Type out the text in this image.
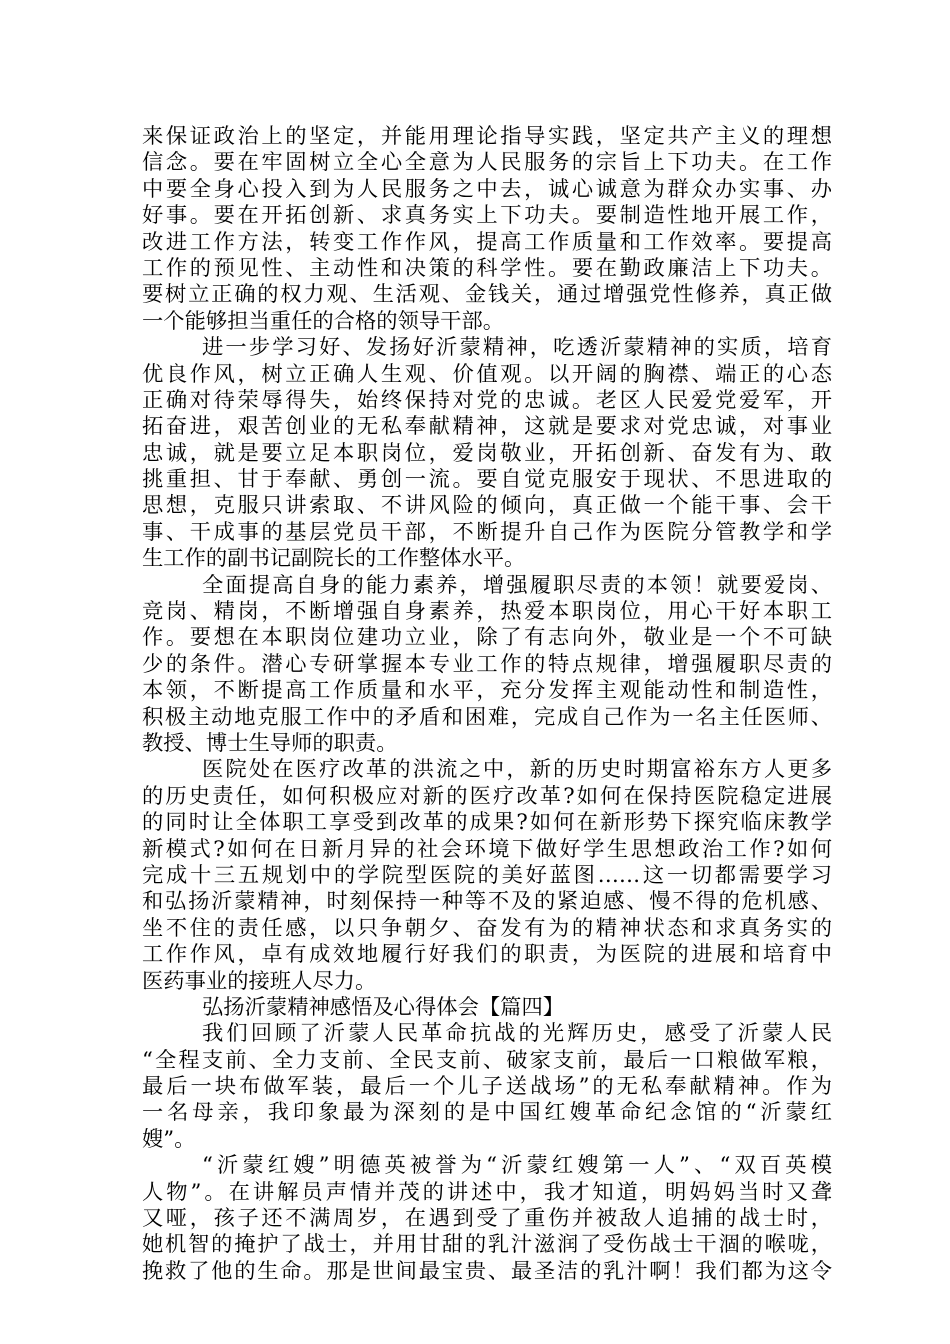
来保证政治上的坚定，并能用理论指导实践，坚定共产主义的理想
信念。要在牢固树立全心全意为人民服务的宗旨上下功夫。在工作
中要全身心投入到为人民服务之中去，诚心诚意为群众办实事、办
好事。要在开拓创新、求真务实上下功夫。要制造性地开展工作，
改进工作方法，转变工作作风，提高工作质量和工作效率。要提高
工作的预见性、主动性和决策的科学性。要在勤政廉洁上下功夫。
要树立正确的权力观、生活观、金钱关，通过增强党性修养，真正做
一个能够担当重任的合格的领导干部。
进一步学习好、发扬好沂蒙精神，吃透沂蒙精神的实质，培育
优良作风，树立正确人生观、价值观。以开阔的胸襟、端正的心态
正确对待荣辱得失，始终保持对党的忠诚。老区人民爱党爱军，开
拓奋进，艰苦创业的无私奉献精神，这就是要求对党忠诚，对事业
忠诚，就是要立足本职岗位，爱岗敬业，开拓创新、奋发有为、敢
挑重担、甘于奉献、勇创一流。要自觉克服安于现状、不思进取的
思想，克服只讲索取、不讲风险的倾向，真正做一个能干事、会干
事、干成事的基层党员干部，不断提升自己作为医院分管教学和学
生工作的副书记副院长的工作整体水平。
全面提高自身的能力素养，增强履职尽责的本领！就要爱岗、
竞岗、精岗，不断增强自身素养，热爱本职岗位，用心干好本职工
作。要想在本职岗位建功立业，除了有志向外，敬业是一个不可缺
少的条件。潜心专研掌握本专业工作的特点规律，增强履职尽责的
本领，不断提高工作质量和水平，充分发挥主观能动性和制造性，
积极主动地克服工作中的矛盾和困难，完成自己作为一名主任医师、
教授、博士生导师的职责。
医院处在医疗改革的洪流之中，新的历史时期富裕东方人更多
的历史责任，如何积极应对新的医疗改革?如何在保持医院稳定进展
的同时让全体职工享受到改革的成果?如何在新形势下探究临床教学
新模式?如何在日新月异的社会环境下做好学生思想政治工作?如何
完成十三五规划中的学院型医院的美好蓝图……这一切都需要学习
和弘扬沂蒙精神，时刻保持一种等不及的紧迫感、慢不得的危机感、
坐不住的责任感，以只争朝夕、奋发有为的精神状态和求真务实的
工作作风，卓有成效地履行好我们的职责，为医院的进展和培育中
医药事业的接班人尽力。
弘扬沂蒙精神感悟及心得体会【篇四】
我们回顾了沂蒙人民革命抗战的光辉历史，感受了沂蒙人民
“全程支前、全力支前、全民支前、破家支前，最后一口粮做军粮，
最后一块布做军装，最后一个儿子送战场”的无私奉献精神。作为
一名母亲，我印象最为深刻的是中国红嫂革命纪念馆的“沂蒙红
嫂”。
“沂蒙红嫂”明德英被誉为“沂蒙红嫂第一人”、“双百英模
人物”。在讲解员声情并茂的讲述中，我才知道，明妈妈当时又聋
又哑，孩子还不满周岁，在遇到受了重伤并被敌人追捕的战士时，
她机智的掩护了战士，并用甘甜的乳汁滋润了受伤战士干涸的喉咙，
挽救了他的生命。那是世间最宝贵、最圣洁的乳汁啊！我们都为这令
